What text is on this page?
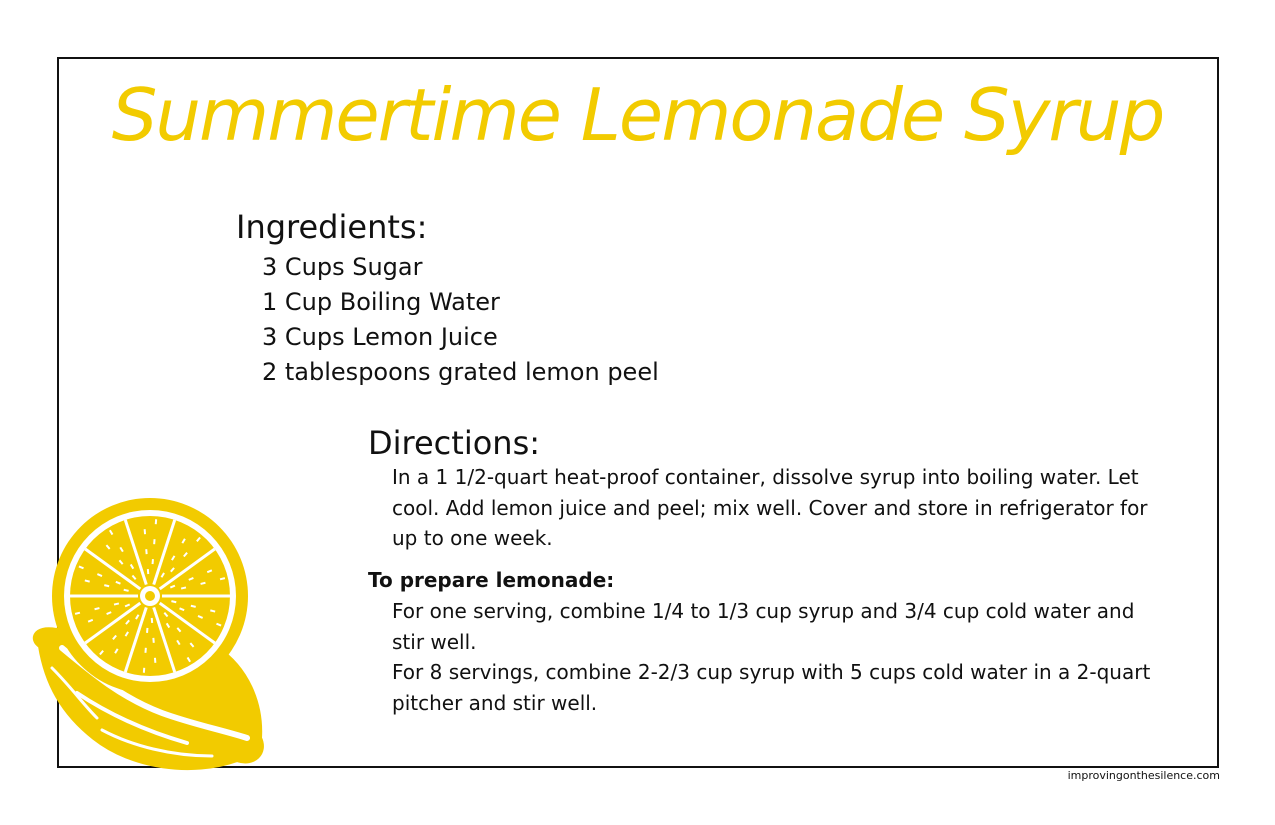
Summertime Lemonade Syrup
Ingredients:
3 Cups Sugar
1 Cup Boiling Water
3 Cups Lemon Juice
2 tablespoons grated lemon peel
Directions:

In a 1 1/2-quart heat-proof container, dissolve syrup into boiling water. Let cool. Add lemon juice and peel; mix well. Cover and store in refrigerator for up to one week.

To prepare lemonade:

For one serving, combine 1/4 to 1/3 cup syrup and 3/4 cup cold water and stir well.

For 8 servings, combine 2-2/3 cup syrup with 5 cups cold water in a 2-quart pitcher and stir well.

improvingonthesilence.com
